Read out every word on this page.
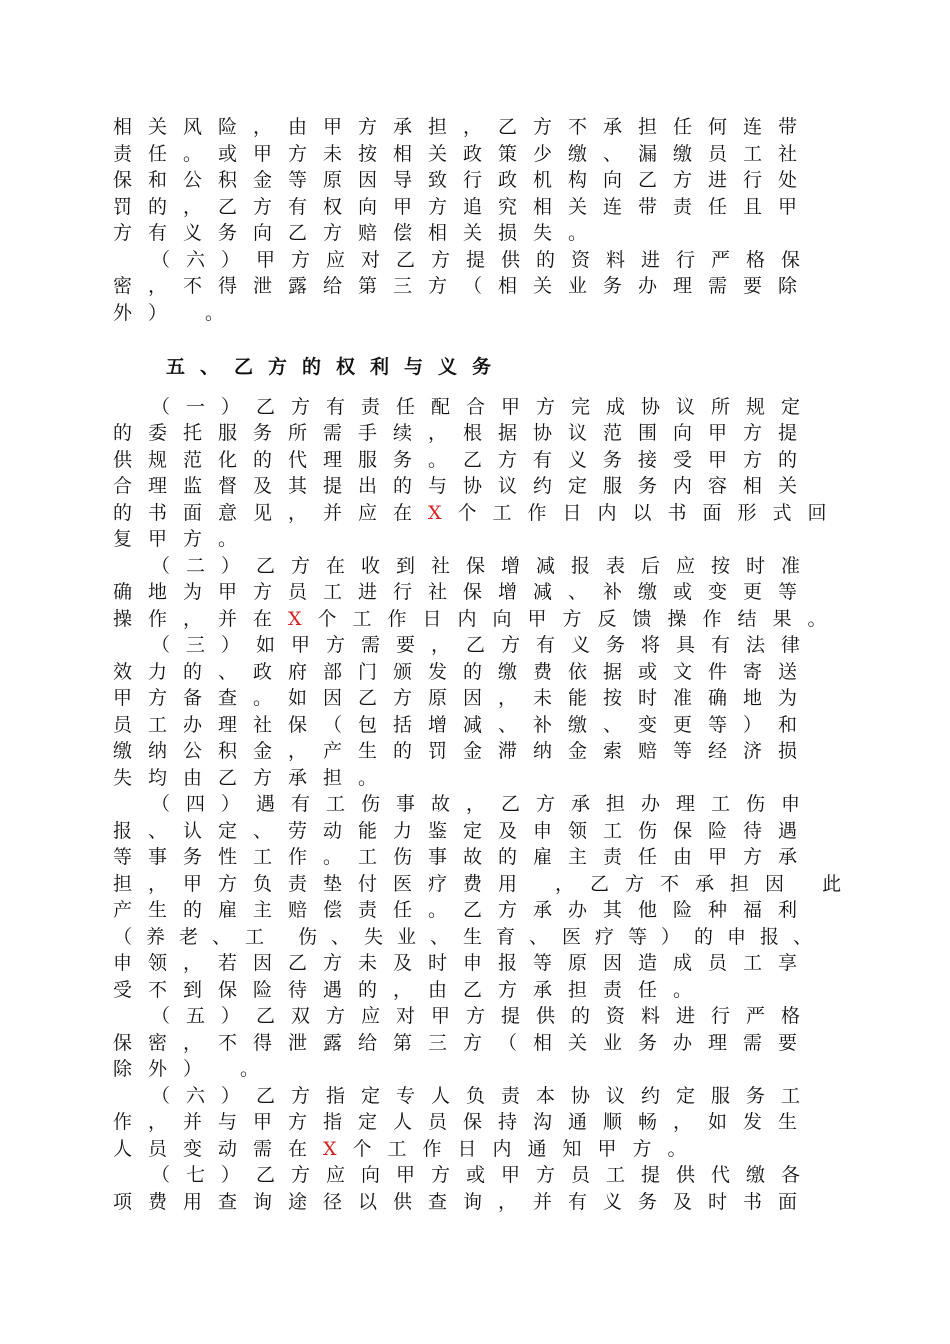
相关风险，由甲方承担，乙方不承担任何连带
责任。或甲方未按相关政策少缴、漏缴员工社
保和公积金等原因导致行政机构向乙方进行处
罚的，乙方有权向甲方追究相关连带责任且甲
方有义务向乙方赔偿相关损失。
（六）甲方应对乙方提供的资料进行严格保
密，不得泄露给第三方（相关业务办理需要除
外） 。
五、乙方的权利与义务
（一）乙方有责任配合甲方完成协议所规定
的委托服务所需手续，根据协议范围向甲方提
供规范化的代理服务。乙方有义务接受甲方的
合理监督及其提出的与协议约定服务内容相关
的书面意见，并应在X个工作日内以书面形式回
复甲方。
（二）乙方在收到社保增减报表后应按时准
确地为甲方员工进行社保增减、补缴或变更等
操作，并在X个工作日内向甲方反馈操作结果。
（三）如甲方需要，乙方有义务将具有法律
效力的、政府部门颁发的缴费依据或文件寄送
甲方备查。如因乙方原因，未能按时准确地为
员工办理社保（包括增减、补缴、变更等）和
缴纳公积金，产生的罚金滞纳金索赔等经济损
失均由乙方承担。
（四）遇有工伤事故，乙方承担办理工伤申
报、认定、劳动能力鉴定及申领工伤保险待遇
等事务性工作。工伤事故的雇主责任由甲方承
担，甲方负责垫付医疗费用 ，乙方不承担因 此
产生的雇主赔偿责任。乙方承办其他险种福利
（养老、工 伤、失业、生育、医疗等）的申报、
申领，若因乙方未及时申报等原因造成员工享
受不到保险待遇的，由乙方承担责任。
（五）乙双方应对甲方提供的资料进行严格
保密，不得泄露给第三方（相关业务办理需要
除外） 。
（六）乙方指定专人负责本协议约定服务工
作，并与甲方指定人员保持沟通顺畅，如发生
人员变动需在X个工作日内通知甲方。
（七）乙方应向甲方或甲方员工提供代缴各
项费用查询途径以供查询，并有义务及时书面
